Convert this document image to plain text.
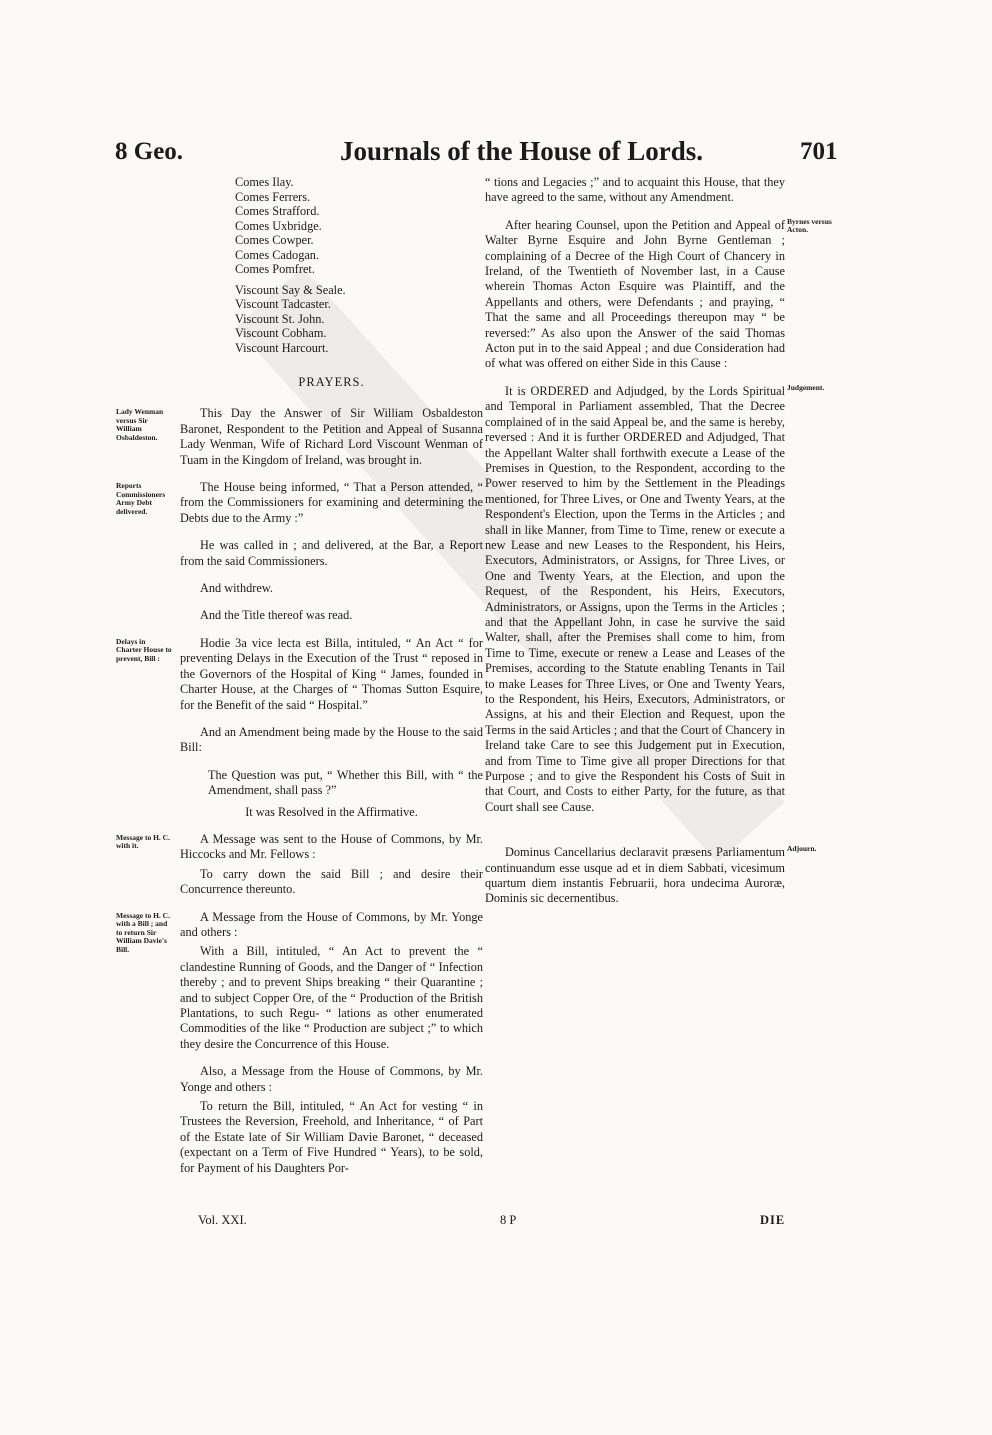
8 Geo.	Journals of the House of Lords.	701
Comes Ilay.
Comes Ferrers.
Comes Strafford.
Comes Uxbridge.
Comes Cowper.
Comes Cadogan.
Comes Pomfret.
Viscount Say & Seale.
Viscount Tadcaster.
Viscount St. John.
Viscount Cobham.
Viscount Harcourt.
PRAYERS.
Lady Wenman versus Sir William Osbaldeston.

This Day the Answer of Sir William Osbaldeston Baronet, Respondent to the Petition and Appeal of Susanna Lady Wenman, Wife of Richard Lord Viscount Wenman of Tuam in the Kingdom of Ireland, was brought in.

Reports Commissioners Army Debt delivered.

The House being informed, “ That a Person attended, “ from the Commissioners for examining and determining the Debts due to the Army :”

He was called in ; and delivered, at the Bar, a Report from the said Commissioners.

And withdrew.

And the Title thereof was read.

Delays in Charter House to prevent, Bill :

Hodie 3a vice lecta est Billa, intituled, “ An Act “ for preventing Delays in the Execution of the Trust “ reposed in the Governors of the Hospital of King “ James, founded in Charter House, at the Charges of “ Thomas Sutton Esquire, for the Benefit of the said “ Hospital.”

And an Amendment being made by the House to the said Bill:

The Question was put, “ Whether this Bill, with “ the Amendment, shall pass ?”

It was Resolved in the Affirmative.

Message to H. C. with it.	A Message was sent to the House of Commons, by Mr. Hiccocks and Mr. Fellows :

To carry down the said Bill ; and desire their Concurrence thereunto.

Message to H. C. with a Bill ; and to return Sir William Davie's Bill.

A Message from the House of Commons, by Mr. Yonge and others :

With a Bill, intituled, “ An Act to prevent the “ clandestine Running of Goods, and the Danger of “ Infection thereby ; and to prevent Ships breaking “ their Quarantine ; and to subject Copper Ore, of the “ Production of the British Plantations, to such Regu- “ lations as other enumerated Commodities of the like “ Production are subject ;” to which they desire the Concurrence of this House.

Also, a Message from the House of Commons, by Mr. Yonge and others :

To return the Bill, intituled, “ An Act for vesting “ in Trustees the Reversion, Freehold, and Inheritance, “ of Part of the Estate late of Sir William Davie Baronet, “ deceased (expectant on a Term of Five Hundred “ Years), to be sold, for Payment of his Daughters Por-

“ tions and Legacies ;” and to acquaint this House, that they have agreed to the same, without any Amendment.

Byrnes versus Acton.

After hearing Counsel, upon the Petition and Appeal of Walter Byrne Esquire and John Byrne Gentleman ; complaining of a Decree of the High Court of Chancery in Ireland, of the Twentieth of November last, in a Cause wherein Thomas Acton Esquire was Plaintiff, and the Appellants and others, were Defendants ; and praying, “ That the same and all Proceedings thereupon may “ be reversed:” As also upon the Answer of the said Thomas Acton put in to the said Appeal ; and due Consideration had of what was offered on either Side in this Cause :

Judgement.

It is ORDERED and Adjudged, by the Lords Spiritual and Temporal in Parliament assembled, That the Decree complained of in the said Appeal be, and the same is hereby, reversed : And it is further ORDERED and Adjudged, That the Appellant Walter shall forthwith execute a Lease of the Premises in Question, to the Respondent, according to the Power reserved to him by the Settlement in the Pleadings mentioned, for Three Lives, or One and Twenty Years, at the Respondent's Election, upon the Terms in the Articles ; and shall in like Manner, from Time to Time, renew or execute a new Lease and new Leases to the Respondent, his Heirs, Executors, Administrators, or Assigns, for Three Lives, or One and Twenty Years, at the Election, and upon the Request, of the Respondent, his Heirs, Executors, Administrators, or Assigns, upon the Terms in the Articles ; and that the Appellant John, in case he survive the said Walter, shall, after the Premises shall come to him, from Time to Time, execute or renew a Lease and Leases of the Premises, according to the Statute enabling Tenants in Tail to make Leases for Three Lives, or One and Twenty Years, to the Respondent, his Heirs, Executors, Administrators, or Assigns, at his and their Election and Request, upon the Terms in the said Articles ; and that the Court of Chancery in Ireland take Care to see this Judgement put in Execution, and from Time to Time give all proper Directions for that Purpose ; and to give the Respondent his Costs of Suit in that Court, and Costs to either Party, for the future, as that Court shall see Cause.

Adjourn.

Dominus Cancellarius declaravit præsens Parliamentum continuandum esse usque ad et in diem Sabbati, vicesimum quartum diem instantis Februarii, hora undecima Auroræ, Dominis sic decernentibus.

Vol. XXI.	8 P	DIE
